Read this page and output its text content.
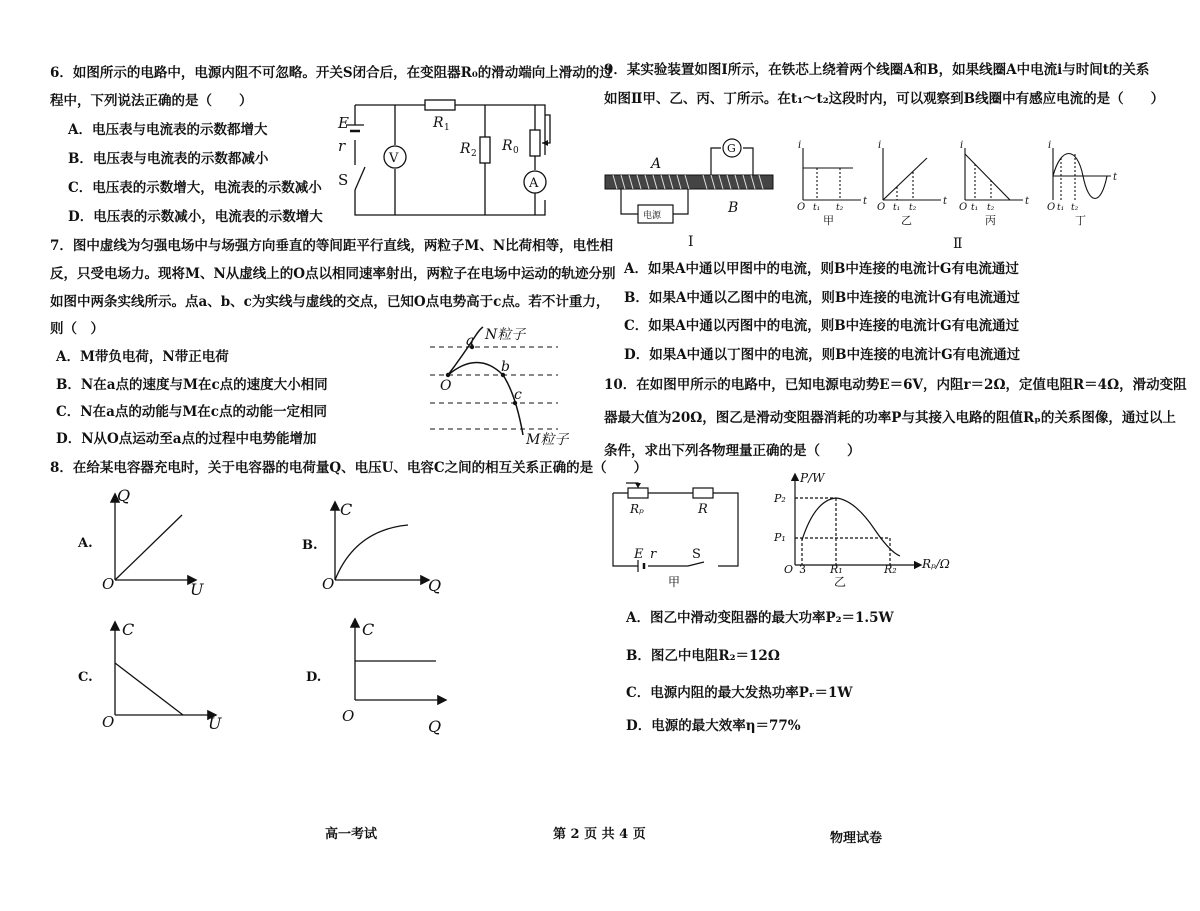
6．如图所示的电路中，电源内阻不可忽略。开关S闭合后，在变阻器R₀的滑动端向上滑动的过
程中，下列说法正确的是（　　）
A．电压表与电流表的示数都增大
B．电压表与电流表的示数都减小
C．电压表的示数增大，电流表的示数减小
D．电压表的示数减小，电流表的示数增大
E
r
S
V
R 1
R 2 R 0
A
7．图中虚线为匀强电场中与场强方向垂直的等间距平行直线，两粒子M、N比荷相等，电性相
反，只受电场力。现将M、N从虚线上的O点以相同速率射出，两粒子在电场中运动的轨迹分别
如图中两条实线所示。点a、b、c为实线与虚线的交点，已知O点电势高于c点。若不计重力，
则（　）
A．M带负电荷，N带正电荷
B．N在a点的速度与M在c点的速度大小相同
C．N在a点的动能与M在c点的动能一定相同
D．N从O点运动至a点的过程中电势能增加
N粒子
M粒子
a
b
c
O
8．在给某电容器充电时，关于电容器的电荷量Q、电压U、电容C之间的相互关系正确的是（　　）
A.
Q
U
O
B.
C
Q
O
C.
C
U
O
D.
C
Q
O
9．某实验装置如图Ⅰ所示，在铁芯上绕着两个线圈A和B，如果线圈A中电流i与时间t的关系
如图Ⅱ甲、乙、丙、丁所示。在t₁～t₂这段时内，可以观察到B线圈中有感应电流的是（　　）
G
电源
A
B
Ⅰ
i
t
O t₁ t₂
甲
i
t
O t₁ t₂
乙
i
t
O t₁ t₂
丙
i
t
O t₁ t₂
丁
Ⅱ
A．如果A中通以甲图中的电流，则B中连接的电流计G有电流通过
B．如果A中通以乙图中的电流，则B中连接的电流计G有电流通过
C．如果A中通以丙图中的电流，则B中连接的电流计G有电流通过
D．如果A中通以丁图中的电流，则B中连接的电流计G有电流通过
10．在如图甲所示的电路中，已知电源电动势E＝6V，内阻r＝2Ω，定值电阻R＝4Ω，滑动变阻
器最大值为20Ω，图乙是滑动变阻器消耗的功率P与其接入电路的阻值Rₚ的关系图像，通过以上
条件，求出下列各物理量正确的是（　　）
Rₚ	R
E r	S
甲
P/W
P₂
P₁
O 3 R₁	R₂ Rₚ/Ω
乙
A．图乙中滑动变阻器的最大功率P₂＝1.5W
B．图乙中电阻R₂＝12Ω
C．电源内阻的最大发热功率Pᵣ＝1W
D．电源的最大效率η＝77%
高一考试	第 2 页 共 4 页	物理试卷
